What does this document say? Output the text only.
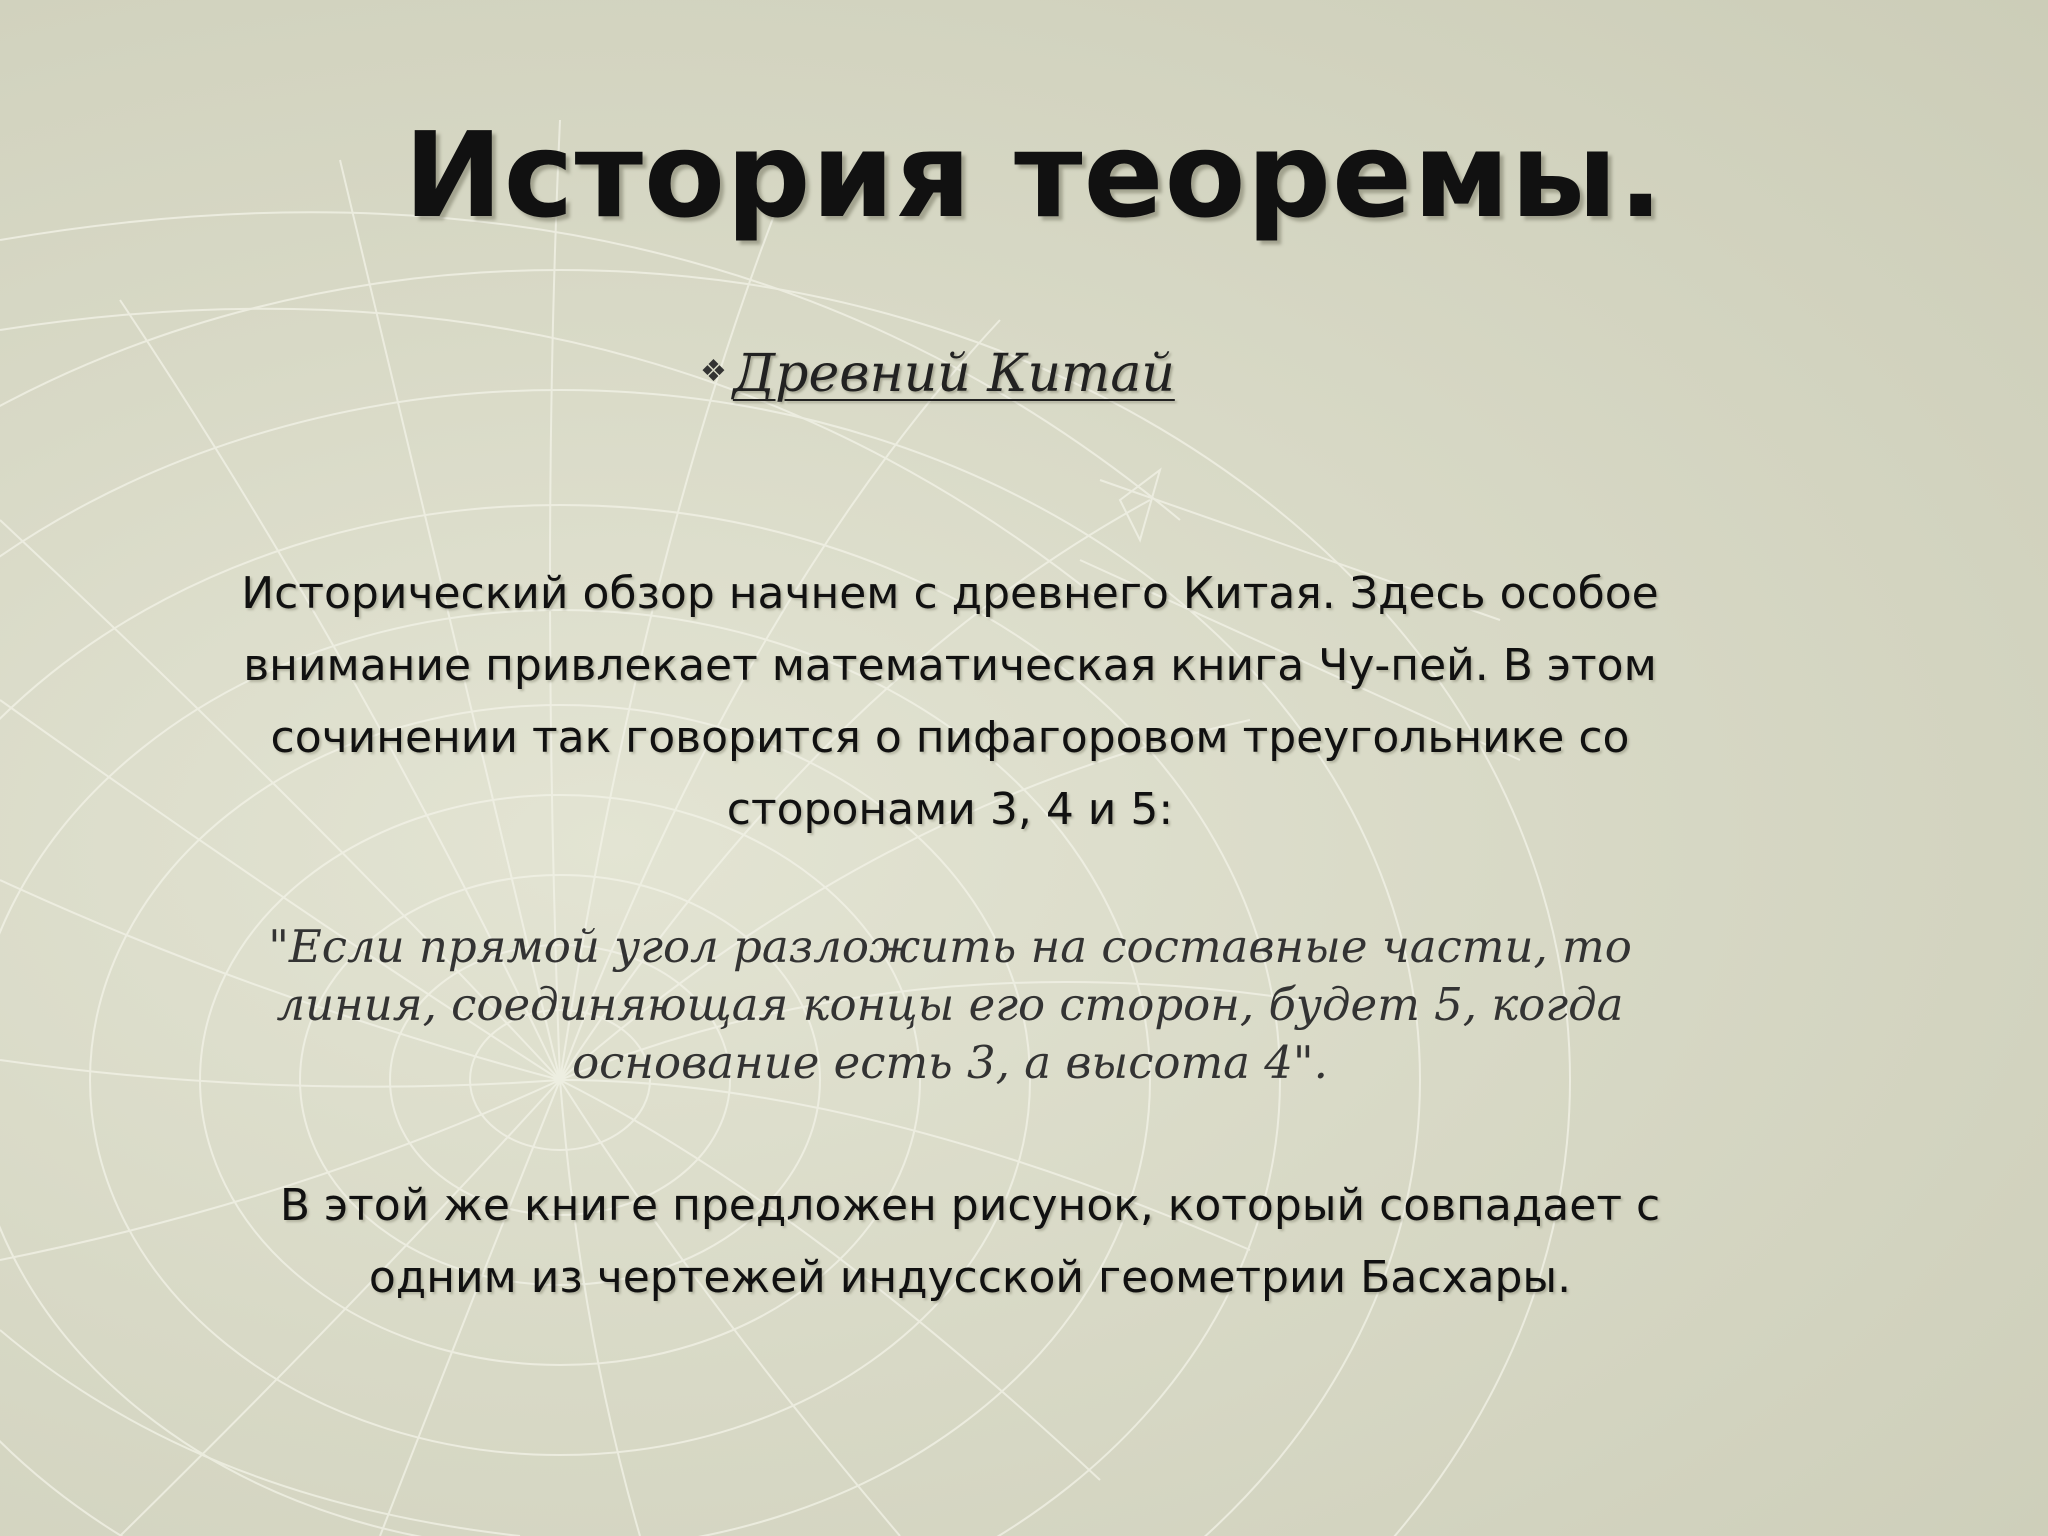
История теоремы.
❖ Древний Китай
Исторический обзор начнем с древнего Китая. Здесь особое внимание привлекает математическая книга Чу-пей. В этом сочинении так говорится о пифагоровом треугольнике со сторонами 3, 4 и 5:
"Если прямой угол разложить на составные части, то линия, соединяющая концы его сторон, будет 5, когда основание есть 3, а высота 4".
В этой же книге предложен рисунок, который совпадает с одним из чертежей индусской геометрии Басхары.
